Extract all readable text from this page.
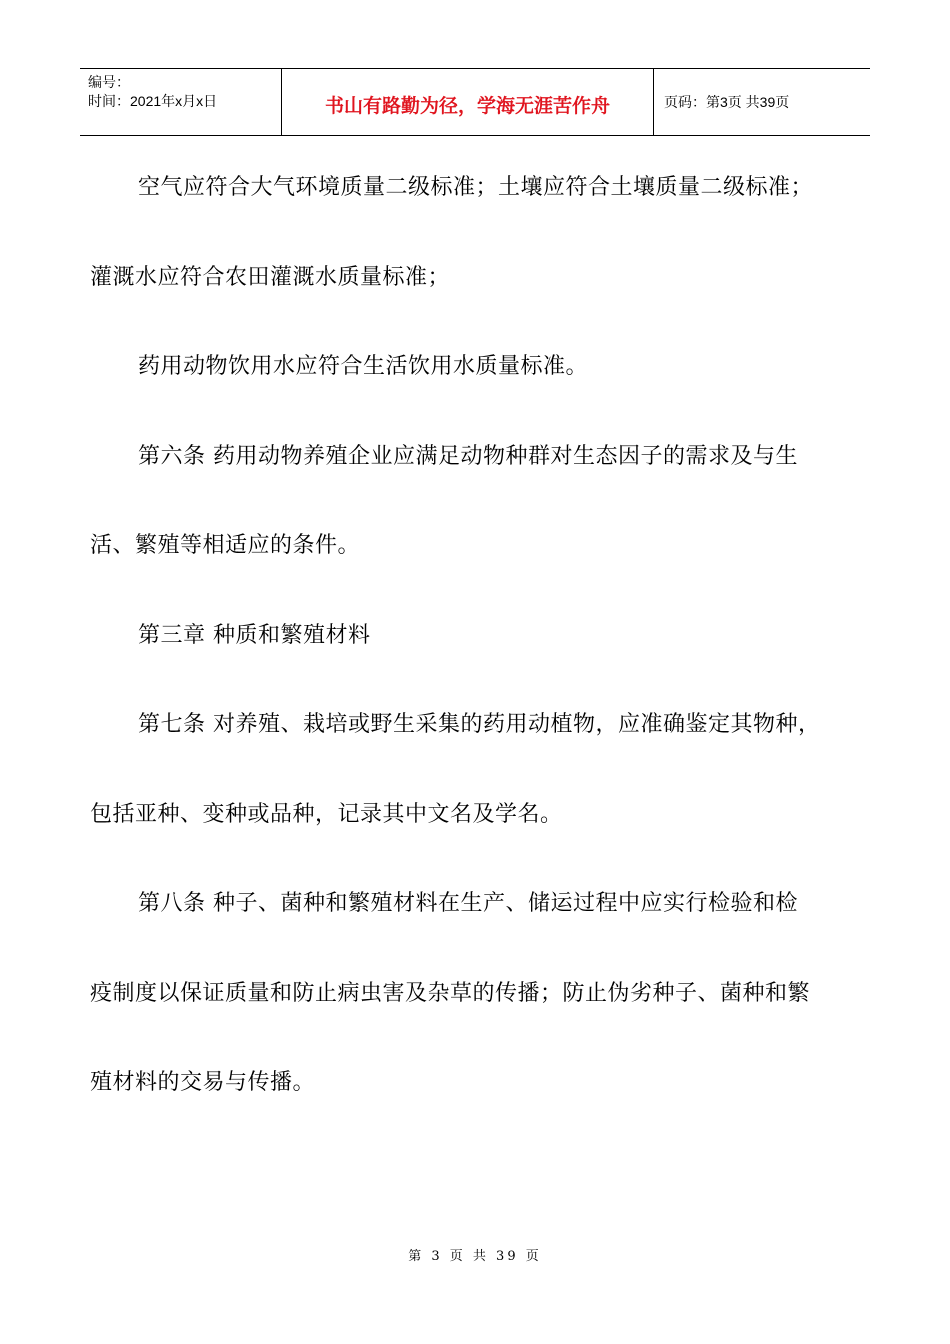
编号：
时间：2021年x月x日	书山有路勤为径，学海无涯苦作舟	页码：第3页 共39页
空气应符合大气环境质量二级标准；土壤应符合土壤质量二级标准；
灌溉水应符合农田灌溉水质量标准；
药用动物饮用水应符合生活饮用水质量标准。
第六条 药用动物养殖企业应满足动物种群对生态因子的需求及与生
活、繁殖等相适应的条件。
第三章 种质和繁殖材料
第七条 对养殖、栽培或野生采集的药用动植物，应准确鉴定其物种，
包括亚种、变种或品种，记录其中文名及学名。
第八条 种子、菌种和繁殖材料在生产、储运过程中应实行检验和检
疫制度以保证质量和防止病虫害及杂草的传播；防止伪劣种子、菌种和繁
殖材料的交易与传播。
第 3 页 共 39 页
